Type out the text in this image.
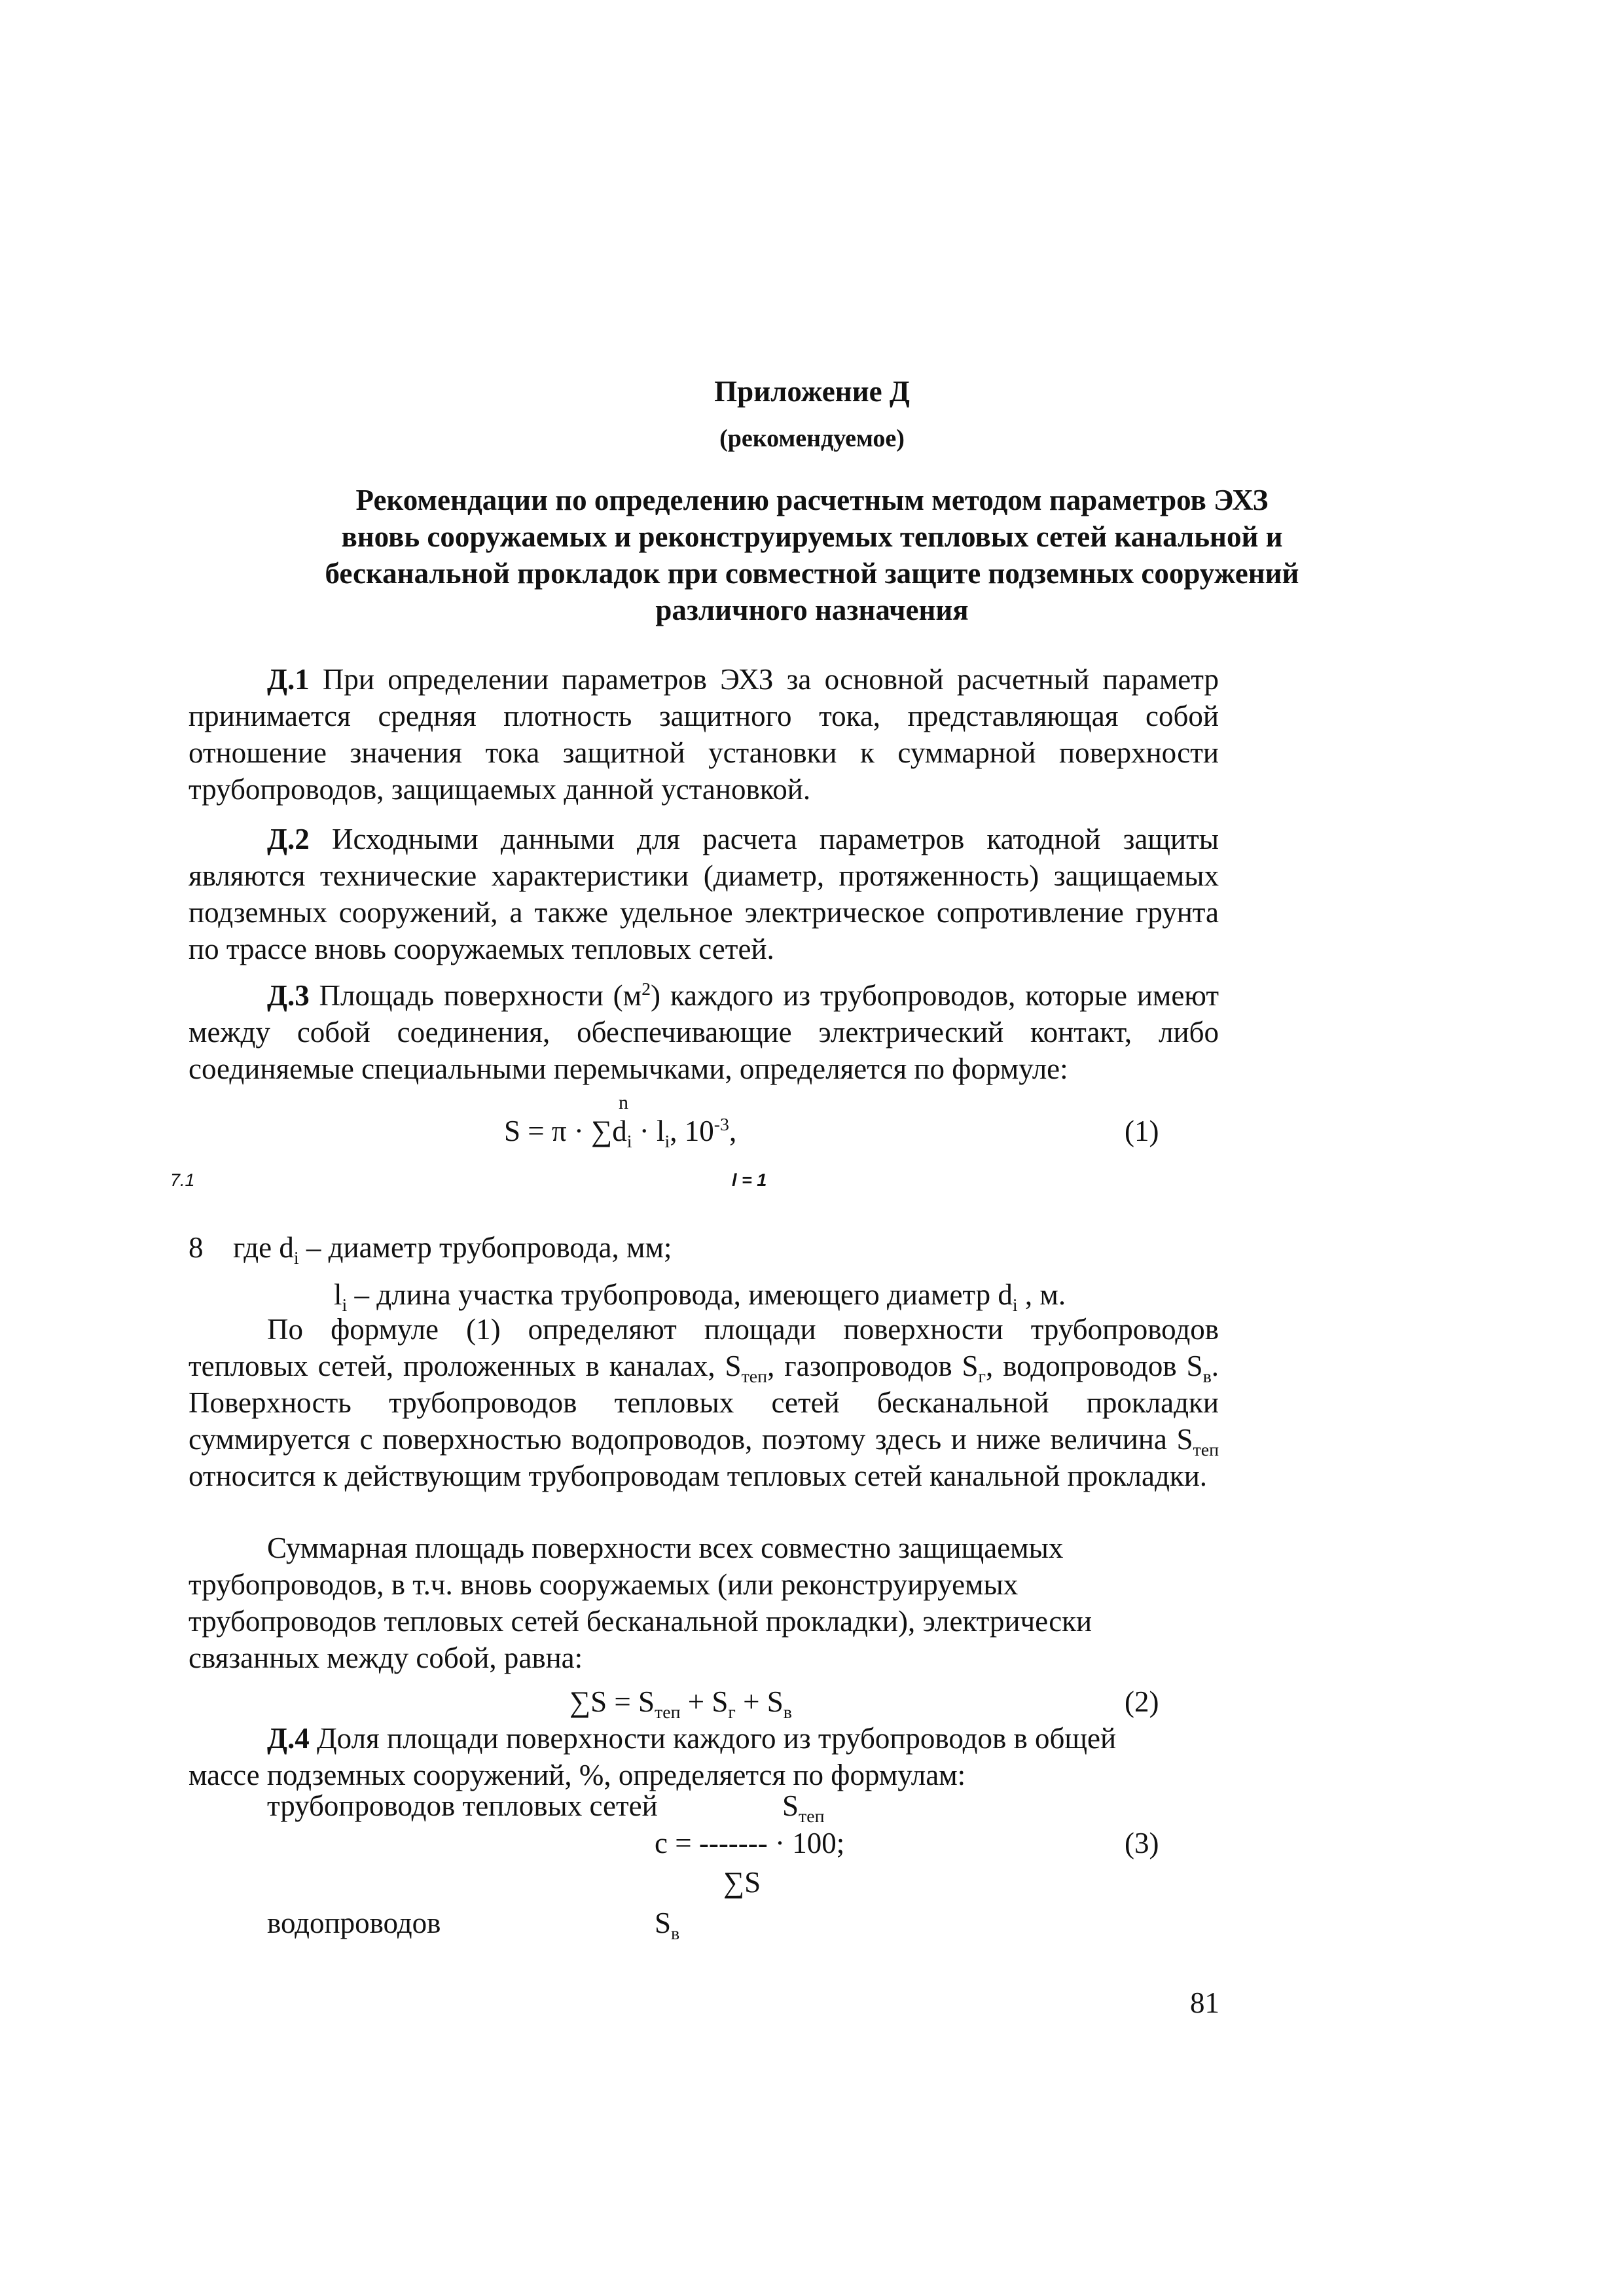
Приложение Д
(рекомендуемое)
Рекомендации по определению расчетным методом параметров ЭХЗ
вновь сооружаемых и реконструируемых тепловых сетей канальной и
бесканальной прокладок при совместной защите подземных сооружений
различного назначения
Д.1 При определении параметров ЭХЗ за основной расчетный параметр принимается средняя плотность защитного тока, представляющая собой отношение значения тока защитной установки к суммарной поверхности трубопроводов, защищаемых данной установкой.
Д.2 Исходными данными для расчета параметров катодной защиты являются технические характеристики (диаметр, протяженность) защищаемых подземных сооружений, а также удельное электрическое сопротивление грунта по трассе вновь сооружаемых тепловых сетей.
Д.3 Площадь поверхности $(м^2)$ каждого из трубопроводов, которые имеют между собой соединения, обеспечивающие электрический контакт, либо соединяемые специальными перемычками, определяется по формуле:
n
$S = \pi \cdot \sum d_i \cdot l_i$, $10^{-3}$,	(1)
7.1	l = 1
8 где $d_i$ – диаметр трубопровода, мм;
$l_i$ – длина участка трубопровода, имеющего диаметр $d_i$ , м.
По формуле (1) определяют площади поверхности трубопроводов тепловых сетей, проложенных в каналах, $S_{теп}$, газопроводов $S_г$, водопроводов $S_в$. Поверхность трубопроводов тепловых сетей бесканальной прокладки суммируется с поверхностью водопроводов, поэтому здесь и ниже величина $S_{теп}$ относится к действующим трубопроводам тепловых сетей канальной прокладки.
Суммарная площадь поверхности всех совместно защищаемых
трубопроводов, в т.ч. вновь сооружаемых (или реконструируемых
трубопроводов тепловых сетей бесканальной прокладки), электрически
связанных между собой, равна:
$\sum S = S_{теп} + S_г + S_в$	(2)
Д.4 Доля площади поверхности каждого из трубопроводов в общей
массе подземных сооружений, %, определяется по формулам:
трубопроводов тепловых сетей	$S_{теп}$
c = ------- · 100;	(3)
∑S
водопроводов	$S_в$
81
